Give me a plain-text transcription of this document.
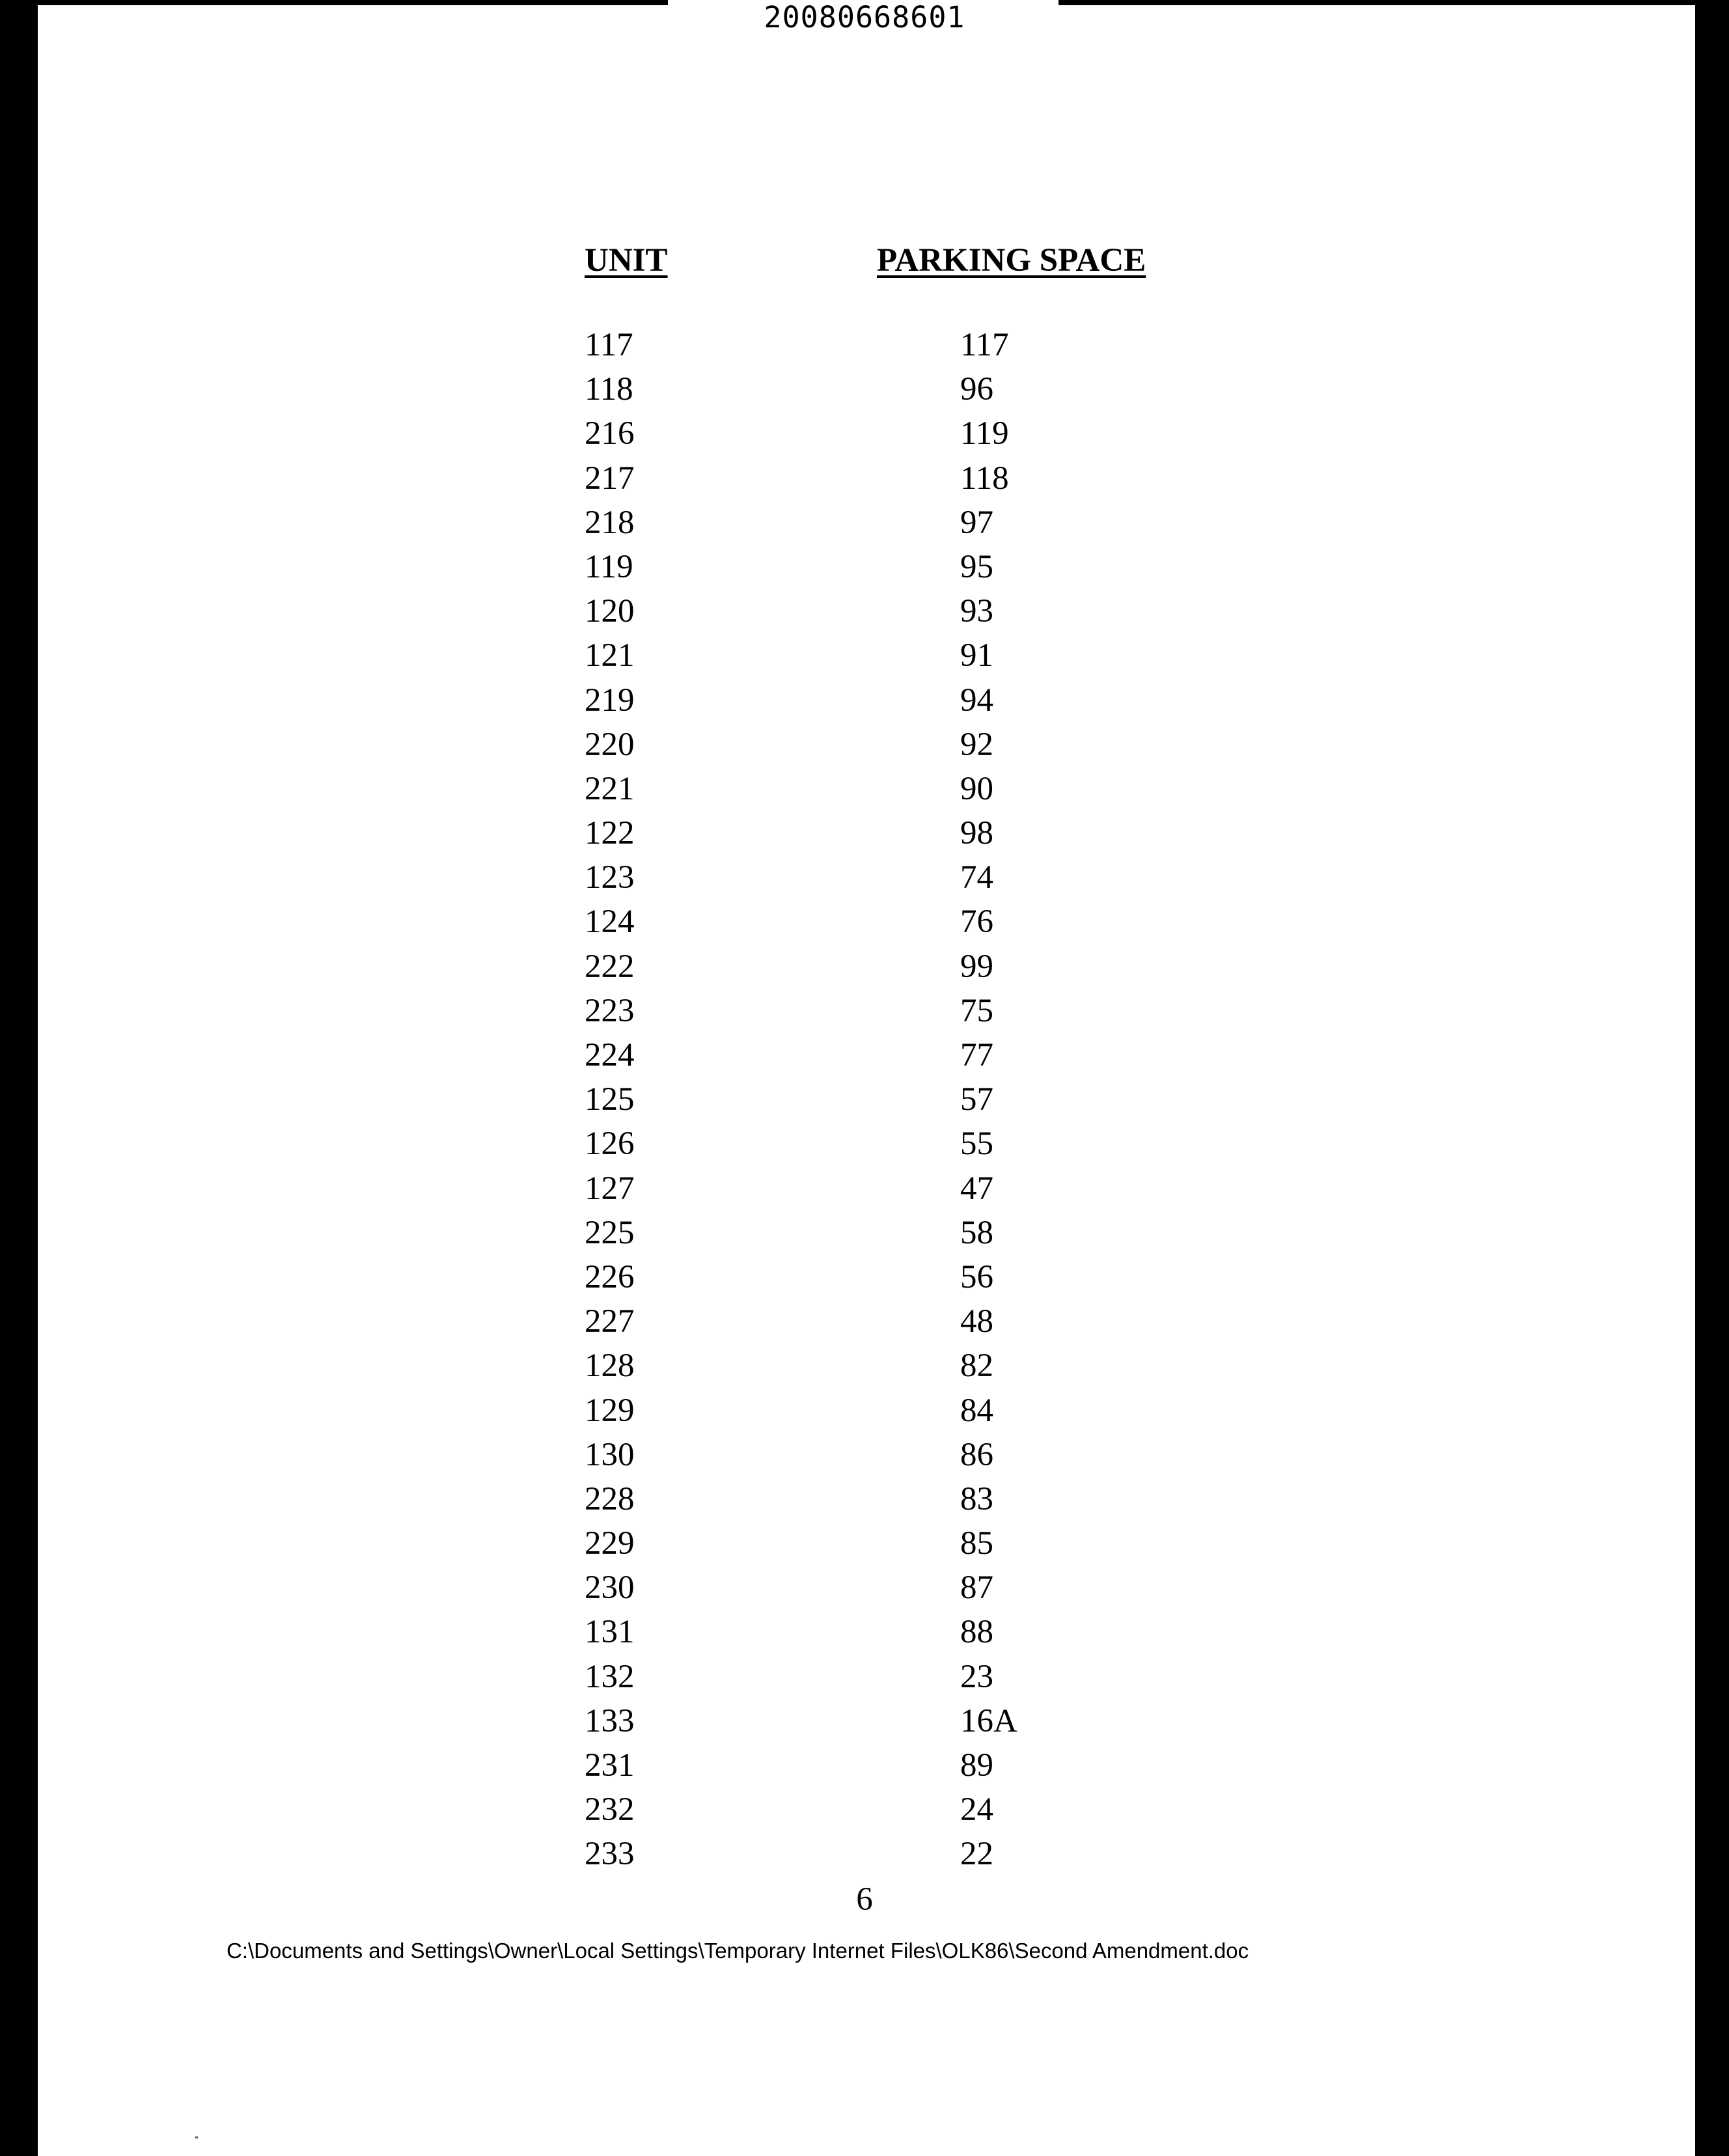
20080668601
UNIT	PARKING SPACE
117	117
118	96
216	119
217	118
218	97
119	95
120	93
121	91
219	94
220	92
221	90
122	98
123	74
124	76
222	99
223	75
224	77
125	57
126	55
127	47
225	58
226	56
227	48
128	82
129	84
130	86
228	83
229	85
230	87
131	88
132	23
133	16A
231	89
232	24
233	22
6
C:\Documents and Settings\Owner\Local Settings\Temporary Internet Files\OLK86\Second Amendment.doc
